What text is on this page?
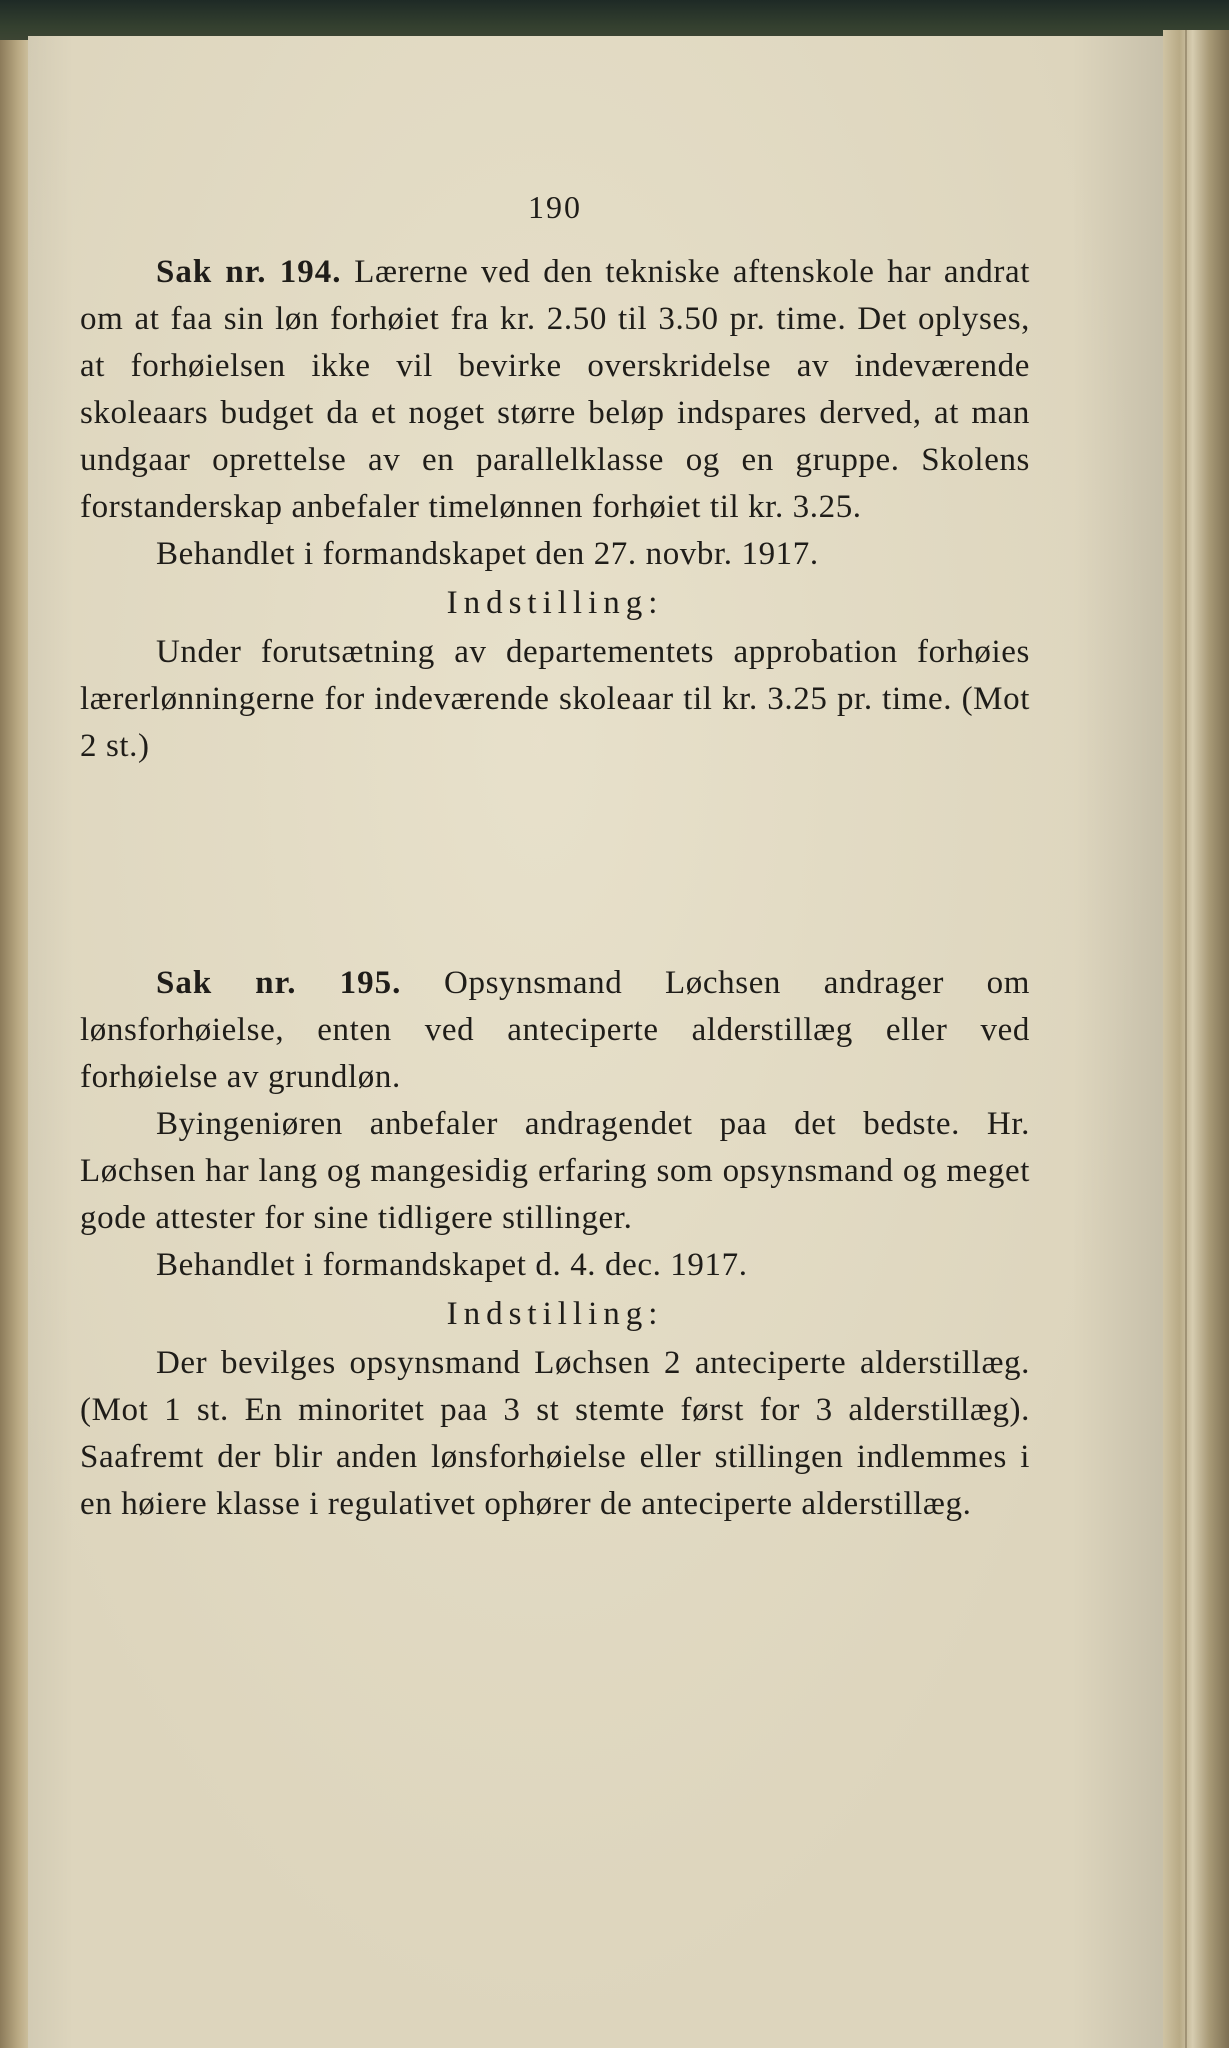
190

Sak nr. 194. Lærerne ved den tekniske aftenskole har andrat om at faa sin løn forhøiet fra kr. 2.50 til 3.50 pr. time. Det oplyses, at forhøielsen ikke vil bevirke overskridelse av indeværende skoleaars budget da et noget større beløp indspares derved, at man undgaar oprettelse av en parallelklasse og en gruppe. Skolens forstanderskap anbefaler timelønnen forhøiet til kr. 3.25.

Behandlet i formandskapet den 27. novbr. 1917.

Indstilling:

Under forutsætning av departementets approbation forhøies lærerlønningerne for indeværende skoleaar til kr. 3.25 pr. time. (Mot 2 st.)

Sak nr. 195. Opsynsmand Løchsen andrager om lønsforhøielse, enten ved anteciperte alderstillæg eller ved forhøielse av grundløn.

Byingeniøren anbefaler andragendet paa det bedste. Hr. Løchsen har lang og mangesidig erfaring som opsynsmand og meget gode attester for sine tidligere stillinger.

Behandlet i formandskapet d. 4. dec. 1917.

Indstilling:

Der bevilges opsynsmand Løchsen 2 anteciperte alderstillæg. (Mot 1 st. En minoritet paa 3 st stemte først for 3 alderstillæg). Saafremt der blir anden lønsforhøielse eller stillingen indlemmes i en høiere klasse i regulativet ophører de anteciperte alderstillæg.
